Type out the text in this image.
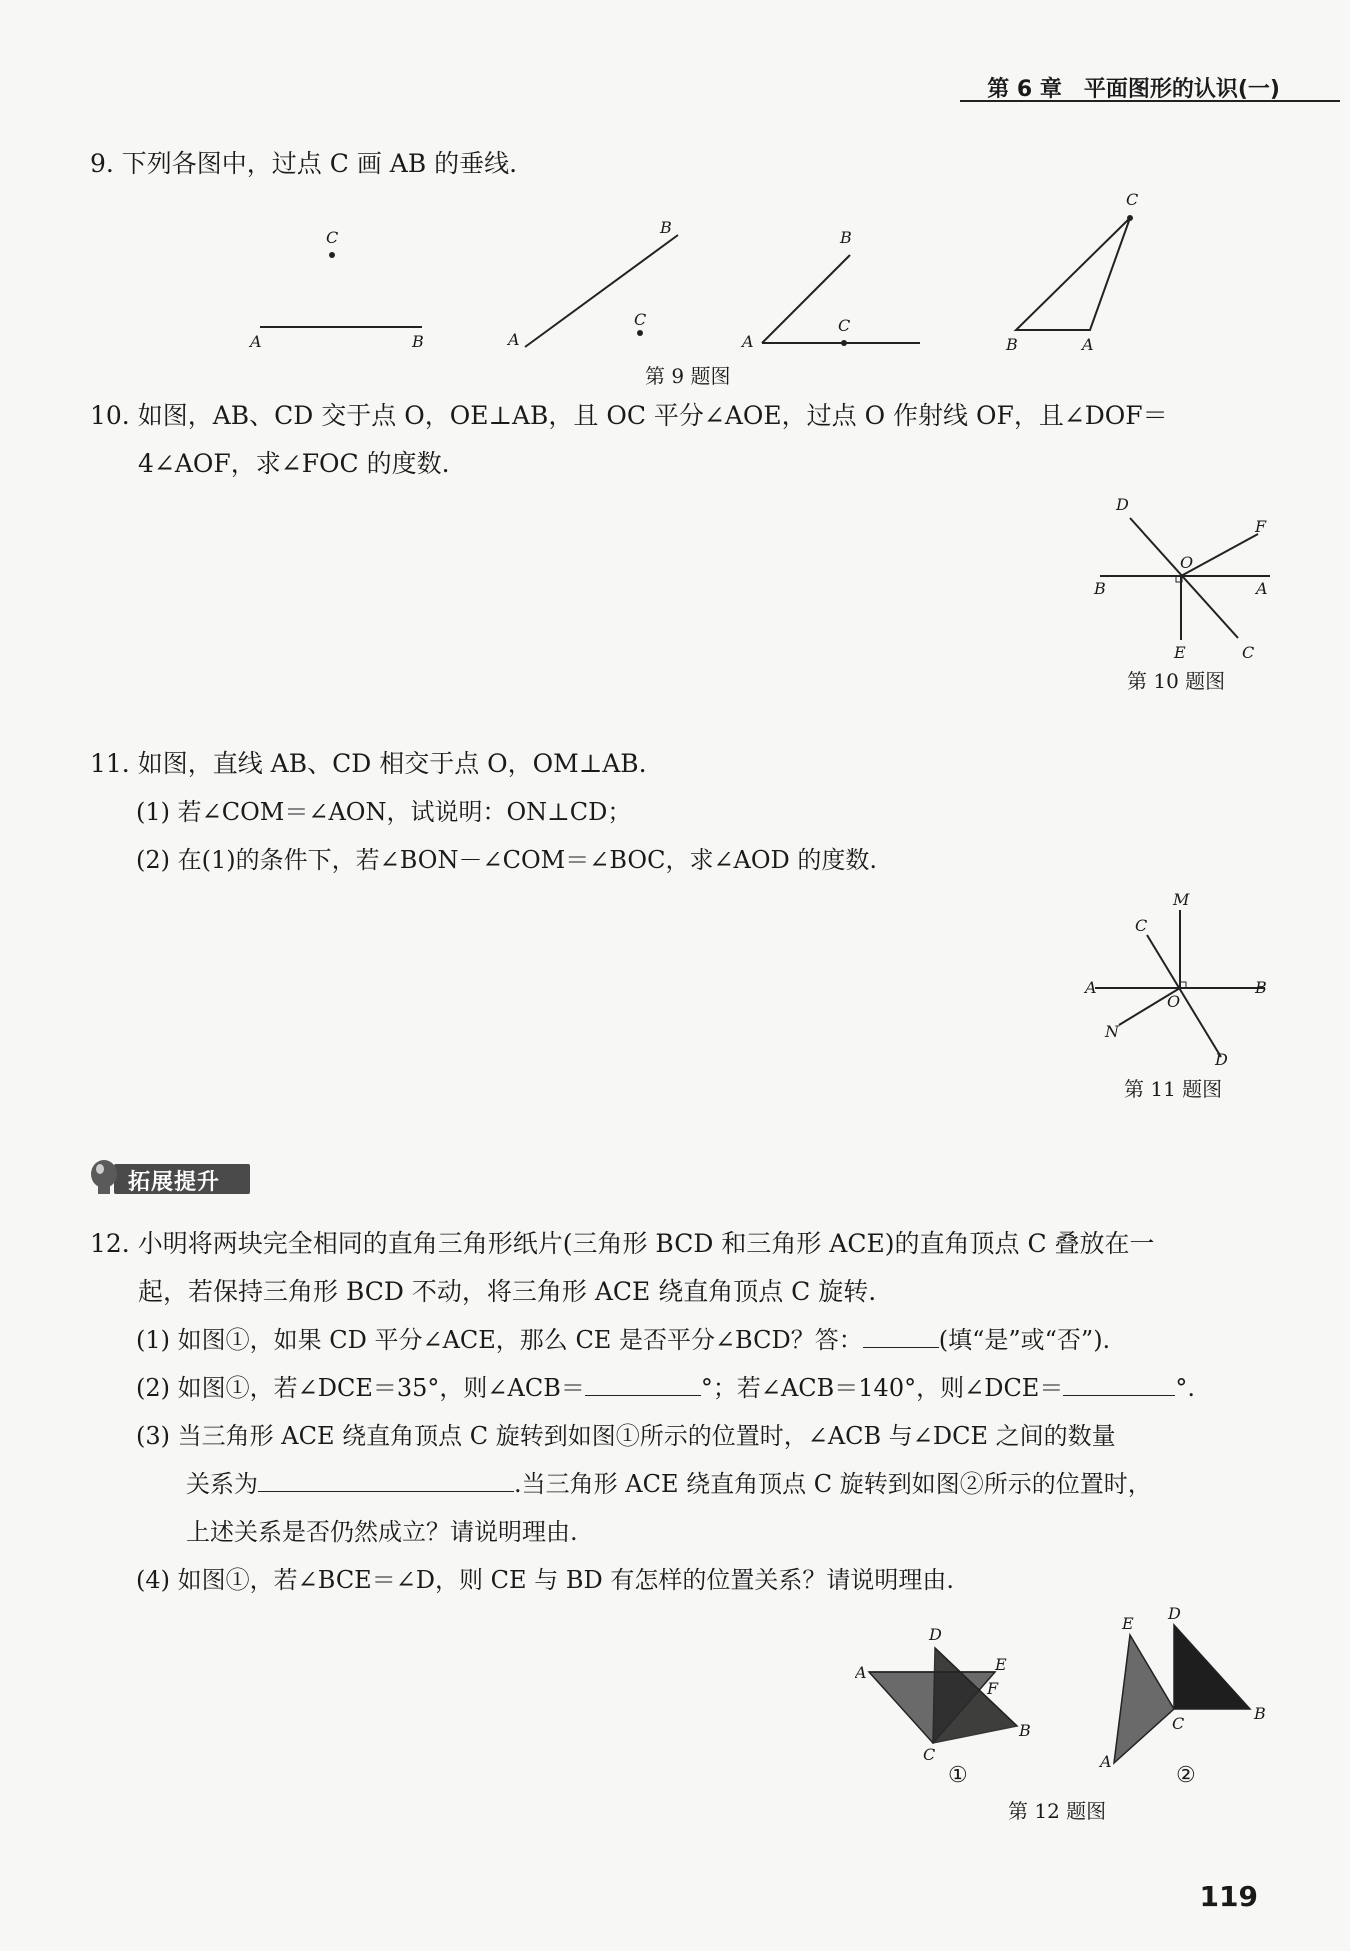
第 6 章　平面图形的认识(一)

9. 下列各图中，过点 C 画 AB 的垂线.

C
A	B
C
A
B
C
A
B
C
B	A
第 9 题图

10. 如图，AB、CD 交于点 O，OE⊥AB，且 OC 平分∠AOE，过点 O 作射线 OF，且∠DOF＝

4∠AOF，求∠FOC 的度数.

D
F
O
B	A
E	C
第 10 题图

11. 如图，直线 AB、CD 相交于点 O，OM⊥AB.

(1) 若∠COM＝∠AON，试说明：ON⊥CD；

(2) 在(1)的条件下，若∠BON－∠COM＝∠BOC，求∠AOD 的度数.

C
M
A	B
O
N
D
第 11 题图
拓展提升

12. 小明将两块完全相同的直角三角形纸片(三角形 BCD 和三角形 ACE)的直角顶点 C 叠放在一

起，若保持三角形 BCD 不动，将三角形 ACE 绕直角顶点 C 旋转.

(1) 如图①，如果 CD 平分∠ACE，那么 CE 是否平分∠BCD？答：	(填“是”或“否”).

(2) 如图①，若∠DCE＝35°，则∠ACB＝	°；若∠ACB＝140°，则∠DCE＝	°.

(3) 当三角形 ACE 绕直角顶点 C 旋转到如图①所示的位置时，∠ACB 与∠DCE 之间的数量

关系为	.当三角形 ACE 绕直角顶点 C 旋转到如图②所示的位置时，

上述关系是否仍然成立？请说明理由.

(4) 如图①，若∠BCE＝∠D，则 CE 与 BD 有怎样的位置关系？请说明理由.

D
A	E
F
C
B
①
E
D
B
C
A
②
第 12 题图
119
